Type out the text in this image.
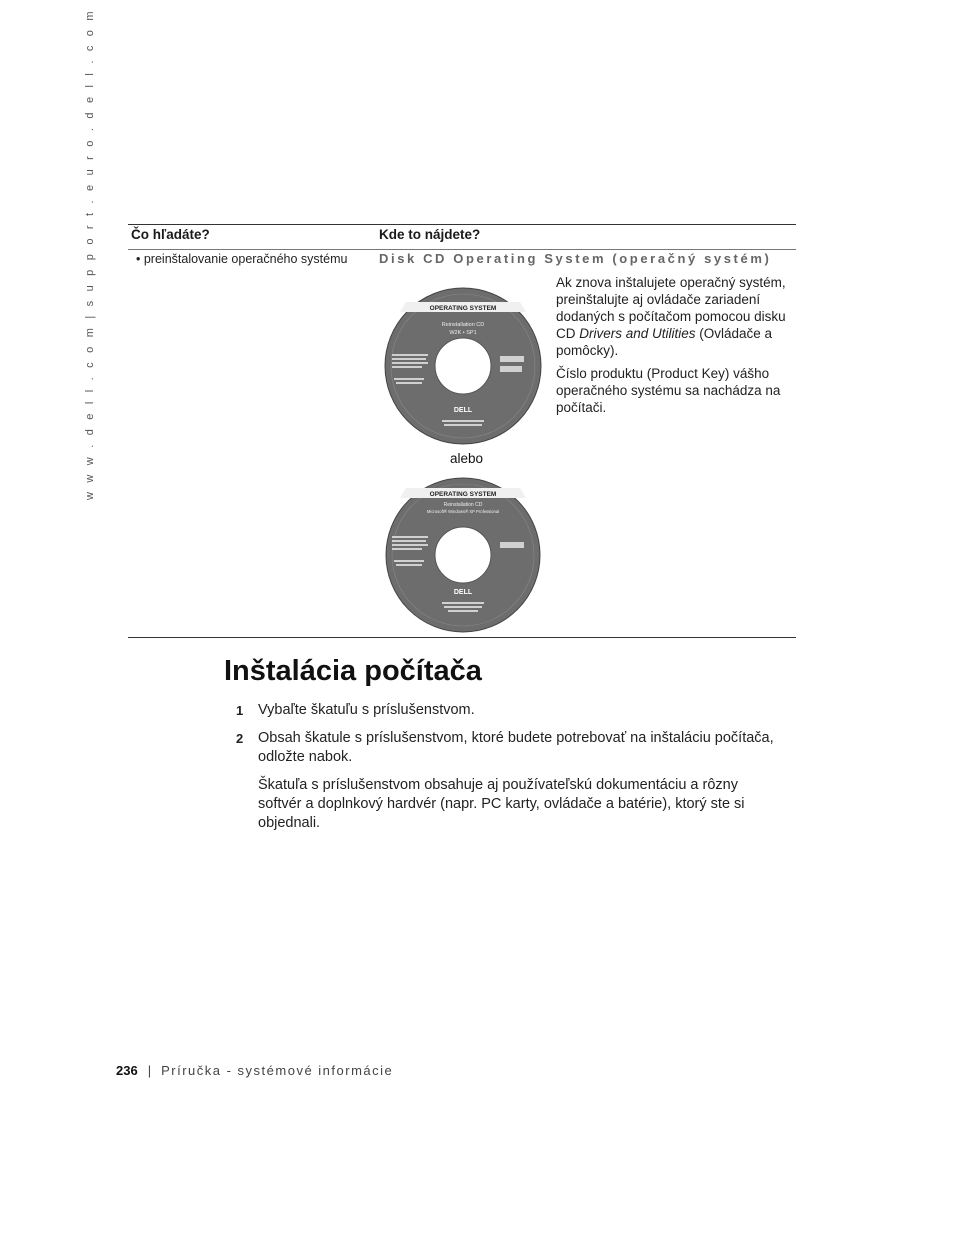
w w w . d e l l . c o m | s u p p o r t . e u r o . d e l l . c o m	Čo hľadáte?	Kde to nájdete?
• preinštalovanie operačného systému Disk CD Operating System (operačný systém)

Ak znova inštalujete operačný systém, preinštalujte aj ovládače zariadení dodaných s počítačom pomocou disku CD Drivers and Utilities (Ovládače a pomôcky).

Číslo produktu (Product Key) vášho operačného systému sa nachádza na počítači.

OPERATING SYSTEM
Reinstallation CD
W2K • SP1
DELL
alebo
OPERATING SYSTEM
Reinstallation CD
Microsoft® Windows® XP Professional
DELL
Inštalácia počítača
1 Vybaľte škatuľu s príslušenstvom.
2 Obsah škatule s príslušenstvom, ktoré budete potrebovať na inštaláciu počítača, odložte nabok.
Škatuľa s príslušenstvom obsahuje aj používateľskú dokumentáciu a rôzny softvér a doplnkový hardvér (napr. PC karty, ovládače a batérie), ktorý ste si objednali.
236 | Príručka - systémové informácie
